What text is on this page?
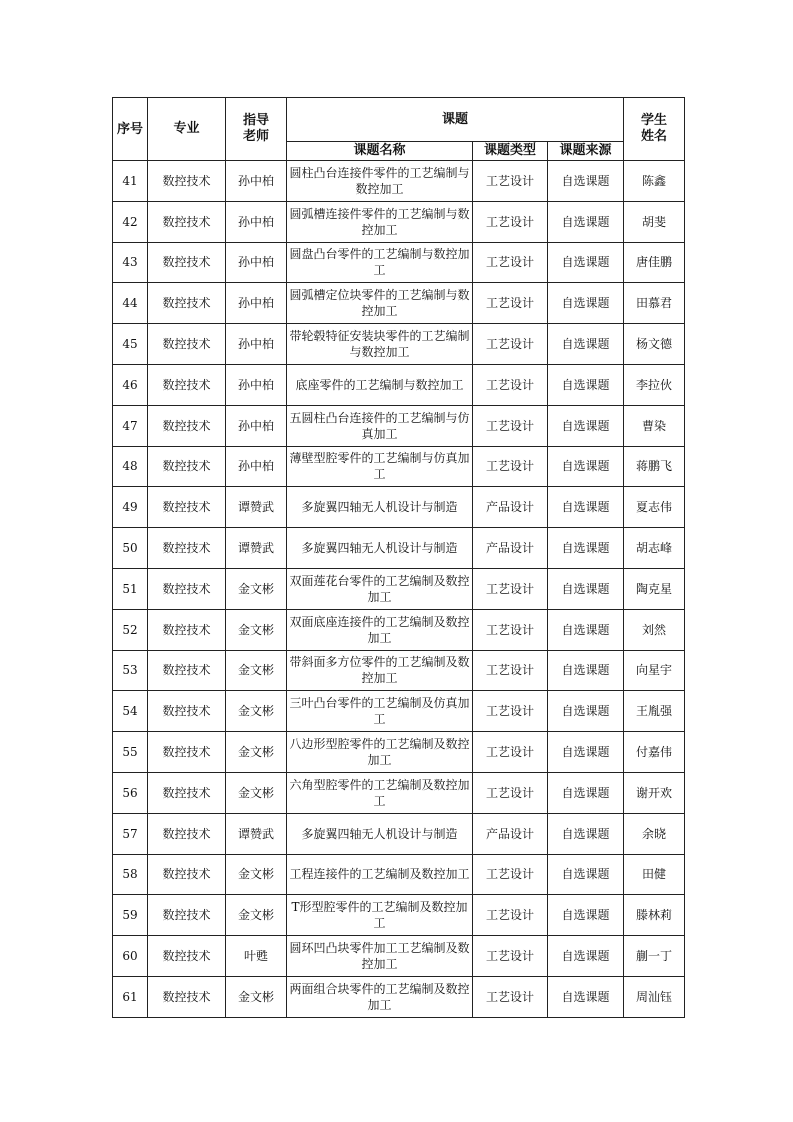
序号	专业	指导老师	课题			学生姓名
			课题名称	课题类型	课题来源	
41	数控技术	孙中柏	圆柱凸台连接件零件的工艺编制与数控加工	工艺设计	自选课题	陈鑫
42	数控技术	孙中柏	圆弧槽连接件零件的工艺编制与数控加工	工艺设计	自选课题	胡斐
43	数控技术	孙中柏	圆盘凸台零件的工艺编制与数控加工	工艺设计	自选课题	唐佳鹏
44	数控技术	孙中柏	圆弧槽定位块零件的工艺编制与数控加工	工艺设计	自选课题	田慕君
45	数控技术	孙中柏	带轮毂特征安装块零件的工艺编制与数控加工	工艺设计	自选课题	杨文德
46	数控技术	孙中柏	底座零件的工艺编制与数控加工	工艺设计	自选课题	李拉伙
47	数控技术	孙中柏	五圆柱凸台连接件的工艺编制与仿真加工	工艺设计	自选课题	曹染
48	数控技术	孙中柏	薄壁型腔零件的工艺编制与仿真加工	工艺设计	自选课题	蒋鹏飞
49	数控技术	谭赞武	多旋翼四轴无人机设计与制造	产品设计	自选课题	夏志伟
50	数控技术	谭赞武	多旋翼四轴无人机设计与制造	产品设计	自选课题	胡志峰
51	数控技术	金文彬	双面莲花台零件的工艺编制及数控加工	工艺设计	自选课题	陶克星
52	数控技术	金文彬	双面底座连接件的工艺编制及数控加工	工艺设计	自选课题	刘然
53	数控技术	金文彬	带斜面多方位零件的工艺编制及数控加工	工艺设计	自选课题	向星宇
54	数控技术	金文彬	三叶凸台零件的工艺编制及仿真加工	工艺设计	自选课题	王胤强
55	数控技术	金文彬	八边形型腔零件的工艺编制及数控加工	工艺设计	自选课题	付嘉伟
56	数控技术	金文彬	六角型腔零件的工艺编制及数控加工	工艺设计	自选课题	谢开欢
57	数控技术	谭赞武	多旋翼四轴无人机设计与制造	产品设计	自选课题	余晓
58	数控技术	金文彬	工程连接件的工艺编制及数控加工	工艺设计	自选课题	田健
59	数控技术	金文彬	T形型腔零件的工艺编制及数控加工	工艺设计	自选课题	滕林莉
60	数控技术	叶甦	圆环凹凸块零件加工工艺编制及数控加工	工艺设计	自选课题	蒯一丁
61	数控技术	金文彬	两面组合块零件的工艺编制及数控加工	工艺设计	自选课题	周汕钰
